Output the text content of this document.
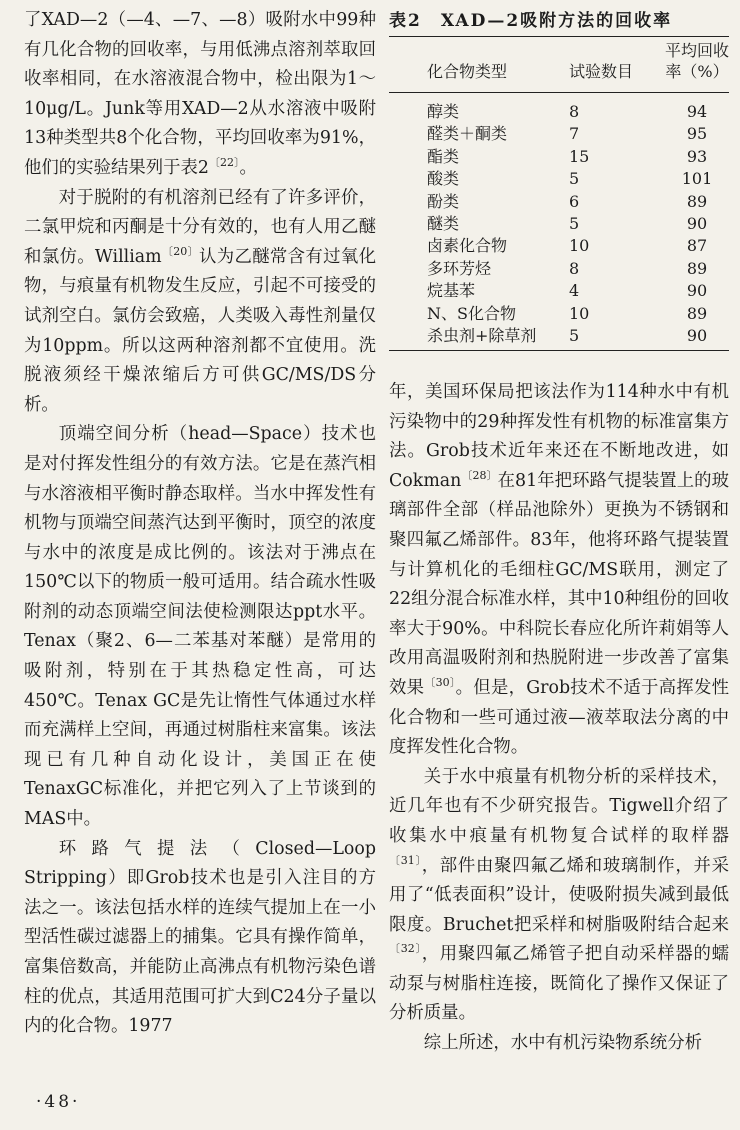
了XAD—2（—4、—7、—8）吸附水中99种有几化合物的回收率，与用低沸点溶剂萃取回收率相同，在水溶液混合物中，检出限为1～10μg/L。Junk等用XAD—2从水溶液中吸附13种类型共8个化合物，平均回收率为91%，他们的实验结果列于表2$^{〔22〕}$。

对于脱附的有机溶剂已经有了许多评价，二氯甲烷和丙酮是十分有效的，也有人用乙醚和氯仿。William$^{〔20〕}$认为乙醚常含有过氧化物，与痕量有机物发生反应，引起不可接受的试剂空白。氯仿会致癌，人类吸入毒性剂量仅为10ppm。所以这两种溶剂都不宜使用。洗脱液须经干燥浓缩后方可供GC/MS/DS分析。

顶端空间分析（head—Space）技术也是对付挥发性组分的有效方法。它是在蒸汽相与水溶液相平衡时静态取样。当水中挥发性有机物与顶端空间蒸汽达到平衡时，顶空的浓度与水中的浓度是成比例的。该法对于沸点在150℃以下的物质一般可适用。结合疏水性吸附剂的动态顶端空间法使检测限达ppt水平。Tenax（聚2、6—二苯基对苯醚）是常用的吸附剂，特别在于其热稳定性高，可达450℃。Tenax GC是先让惰性气体通过水样而充满样上空间，再通过树脂柱来富集。该法现已有几种自动化设计，美国正在使TenaxGC标准化，并把它列入了上节谈到的MAS中。

环路气提法（Closed—Loop Stripping）即Grob技术也是引入注目的方法之一。该法包括水样的连续气提加上在一小型活性碳过滤器上的捕集。它具有操作简单，富集倍数高，并能防止高沸点有机物污染色谱柱的优点，其适用范围可扩大到C24分子量以内的化合物。1977

表2　XAD—2吸附方法的回收率
化合物类型	试验数目	平均回收率（%）
醇类	8	94
醛类＋酮类	7	95
酯类	15	93
酸类	5	101
酚类	6	89
醚类	5	90
卤素化合物	10	87
多环芳烃	8	89
烷基苯	4	90
N、S化合物	10	89
杀虫剂+除草剂	5	90

年，美国环保局把该法作为114种水中有机污染物中的29种挥发性有机物的标准富集方法。Grob技术近年来还在不断地改进，如Cokman$^{〔28〕}$在81年把环路气提装置上的玻璃部件全部（样品池除外）更换为不锈钢和聚四氟乙烯部件。83年，他将环路气提装置与计算机化的毛细柱GC/MS联用，测定了22组分混合标准水样，其中10种组份的回收率大于90%。中科院长春应化所许莉娟等人改用高温吸附剂和热脱附进一步改善了富集效果$^{〔30〕}$。但是，Grob技术不适于高挥发性化合物和一些可通过液—液萃取法分离的中度挥发性化合物。

关于水中痕量有机物分析的采样技术，近几年也有不少研究报告。Tigwell介绍了收集水中痕量有机物复合试样的取样器$^{〔31〕}$，部件由聚四氟乙烯和玻璃制作，并采用了“低表面积”设计，使吸附损失减到最低限度。Bruchet把采样和树脂吸附结合起来$^{〔32〕}$，用聚四氟乙烯管子把自动采样器的蠕动泵与树脂柱连接，既简化了操作又保证了分析质量。

综上所述，水中有机污染物系统分析

·48·
